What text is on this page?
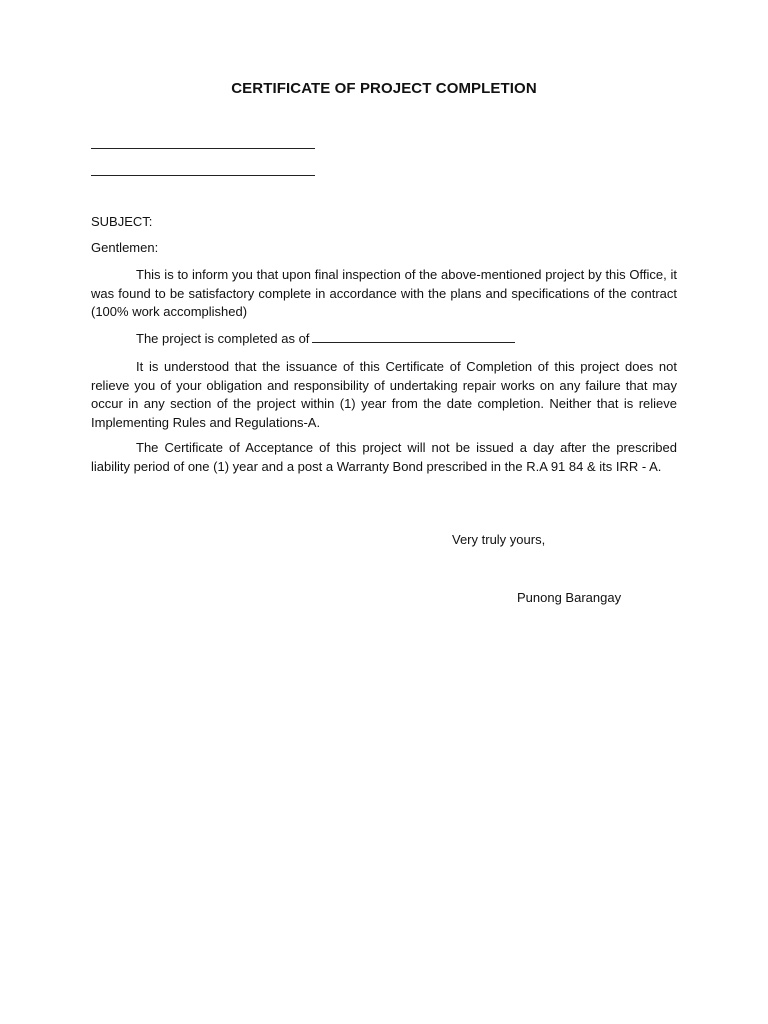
CERTIFICATE OF PROJECT COMPLETION
SUBJECT:
Gentlemen:

This is to inform you that upon final inspection of the above-mentioned project by this Office, it was found to be satisfactory complete in accordance with the plans and specifications of the contract (100% work accomplished)

The project is completed as of

It is understood that the issuance of this Certificate of Completion of this project does not relieve you of your obligation and responsibility of undertaking repair works on any failure that may occur in any section of the project within (1) year from the date completion. Neither that is relieve Implementing Rules and Regulations-A.

The Certificate of Acceptance of this project will not be issued a day after the prescribed liability period of one (1) year and a post a Warranty Bond prescribed in the R.A 91 84 & its IRR - A.

Very truly yours,
Punong Barangay
